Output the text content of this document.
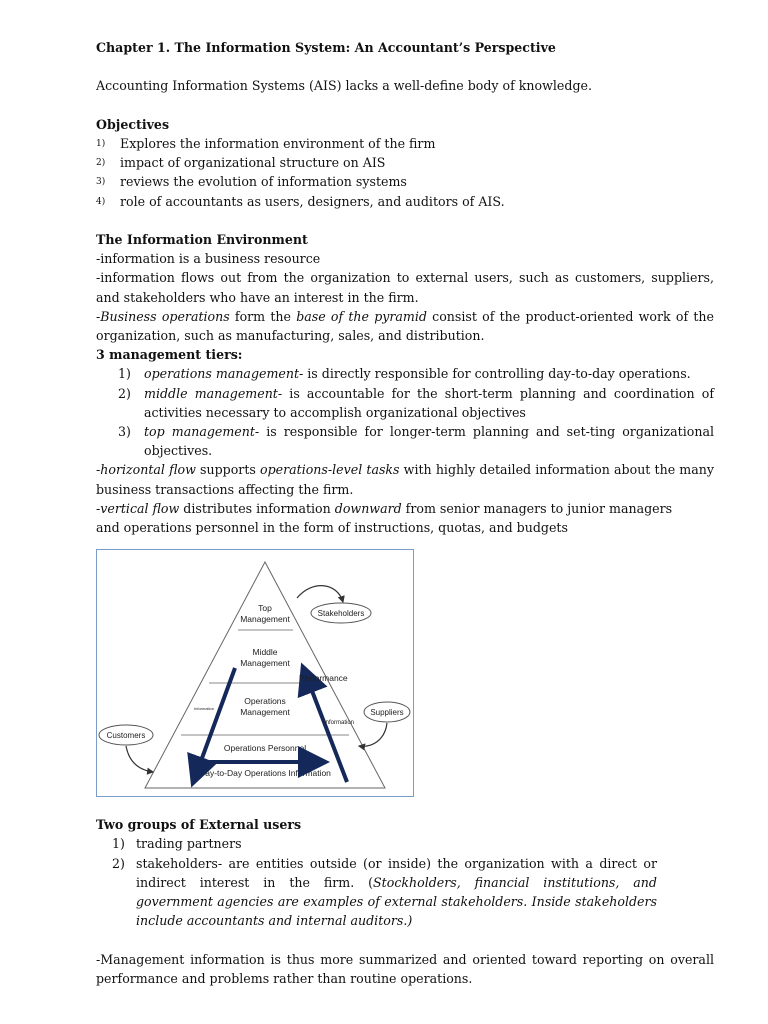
Chapter 1. The Information System: An Accountant’s Perspective

Accounting Information Systems (AIS) lacks a well-define body of knowledge.

Objectives

1) Explores the information environment of the firm
2) impact of organizational structure on AIS
3) reviews the evolution of information systems
4) role of accountants as users, designers, and auditors of AIS.

The Information Environment

-information is a business resource

-information flows out from the organization to external users, such as customers, suppliers, and stakeholders who have an interest in the firm.

-Business operations form the base of the pyramid consist of the product-oriented work of the organization, such as manufacturing, sales, and distribution.

3 management tiers:

1) operations management- is directly responsible for controlling day-to-day operations.
2) middle management- is accountable for the short-term planning and coordination of activities necessary to accomplish organizational objectives
3) top management- is responsible for longer-term planning and set-ting organizational objectives.

-horizontal flow supports operations-level tasks with highly detailed information about the many business transactions affecting the firm.

-vertical flow distributes information downward from senior managers to junior managers

and operations personnel in the form of instructions, quotas, and budgets

Top
Management
Middle
Management
Operations
Management
Operations Personnel
Day-to-Day Operations Information
Stakeholders
Suppliers
Customers
Performance
Information
Information

Two groups of External users

1) trading partners
2) stakeholders- are entities outside (or inside) the organization with a direct or indirect interest in the firm. (Stockholders, financial institutions, and government agencies are examples of external stakeholders. Inside stakeholders include accountants and internal auditors.)

-Management information is thus more summarized and oriented toward reporting on overall performance and problems rather than routine operations.
